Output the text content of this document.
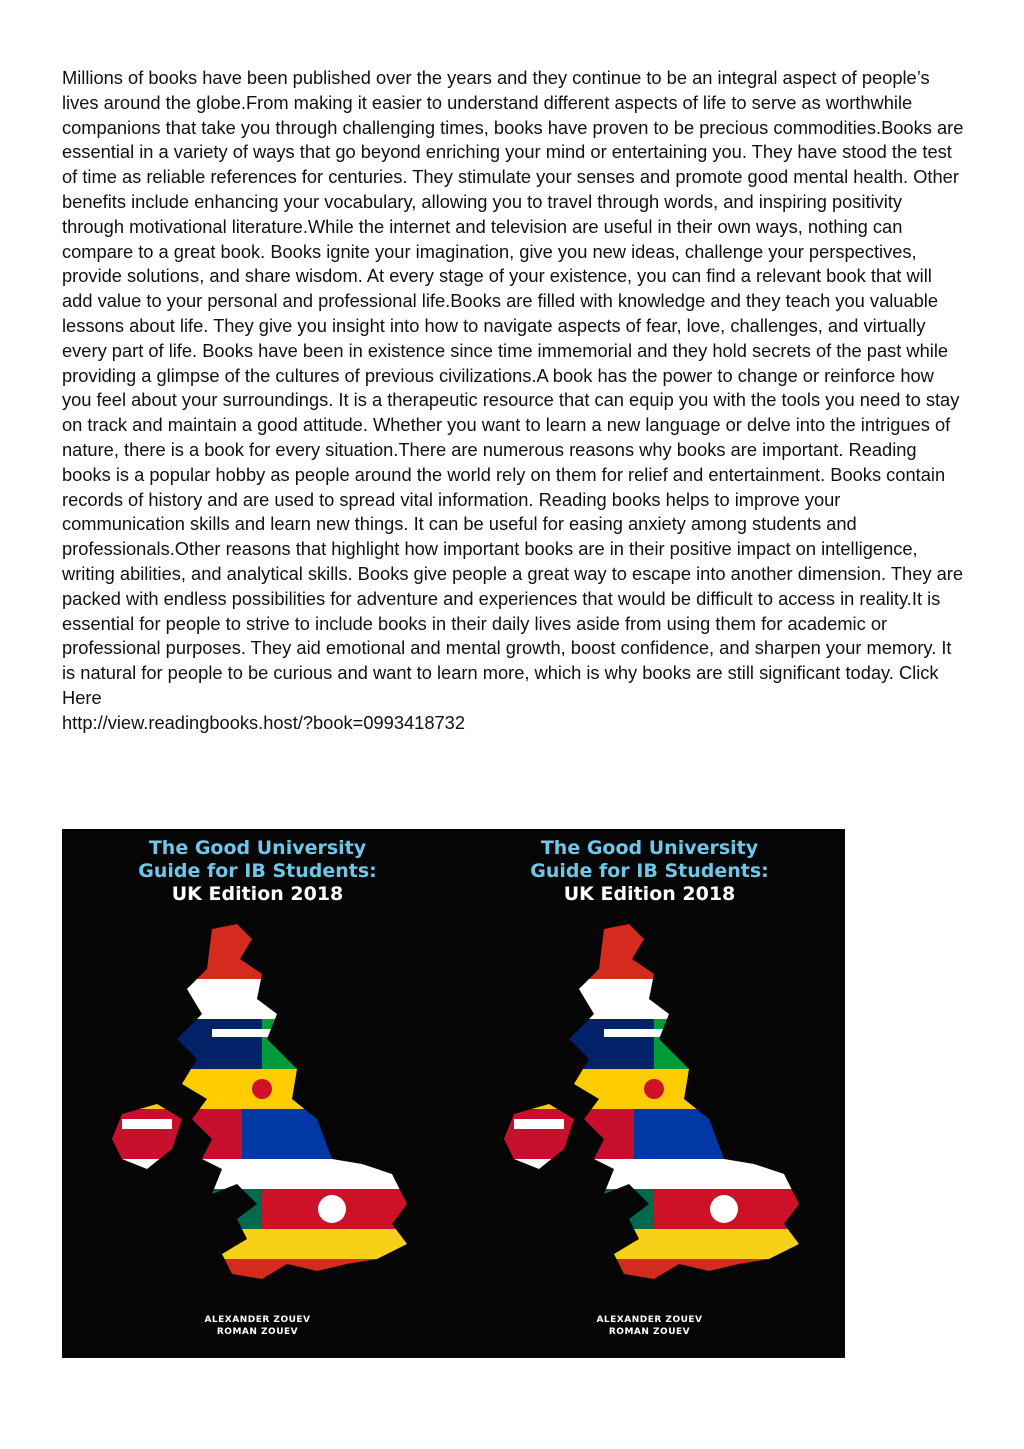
Millions of books have been published over the years and they continue to be an integral aspect of people’s lives around the globe.From making it easier to understand different aspects of life to serve as worthwhile companions that take you through challenging times, books have proven to be precious commodities.Books are essential in a variety of ways that go beyond enriching your mind or entertaining you. They have stood the test of time as reliable references for centuries. They stimulate your senses and promote good mental health. Other benefits include enhancing your vocabulary, allowing you to travel through words, and inspiring positivity through motivational literature.While the internet and television are useful in their own ways, nothing can compare to a great book. Books ignite your imagination, give you new ideas, challenge your perspectives, provide solutions, and share wisdom. At every stage of your existence, you can find a relevant book that will add value to your personal and professional life.Books are filled with knowledge and they teach you valuable lessons about life. They give you insight into how to navigate aspects of fear, love, challenges, and virtually every part of life. Books have been in existence since time immemorial and they hold secrets of the past while providing a glimpse of the cultures of previous civilizations.A book has the power to change or reinforce how you feel about your surroundings. It is a therapeutic resource that can equip you with the tools you need to stay on track and maintain a good attitude. Whether you want to learn a new language or delve into the intrigues of nature, there is a book for every situation.There are numerous reasons why books are important. Reading books is a popular hobby as people around the world rely on them for relief and entertainment. Books contain records of history and are used to spread vital information. Reading books helps to improve your communication skills and learn new things. It can be useful for easing anxiety among students and professionals.Other reasons that highlight how important books are in their positive impact on intelligence, writing abilities, and analytical skills. Books give people a great way to escape into another dimension. They are packed with endless possibilities for adventure and experiences that would be difficult to access in reality.It is essential for people to strive to include books in their daily lives aside from using them for academic or professional purposes. They aid emotional and mental growth, boost confidence, and sharpen your memory. It is natural for people to be curious and want to learn more, which is why books are still significant today. Click Here

http://view.readingbooks.host/?book=0993418732
The Good University
Guide for IB Students:
UK Edition 2018
ALEXANDER ZOUEV
ROMAN ZOUEV
The Good University
Guide for IB Students:
UK Edition 2018
ALEXANDER ZOUEV
ROMAN ZOUEV
